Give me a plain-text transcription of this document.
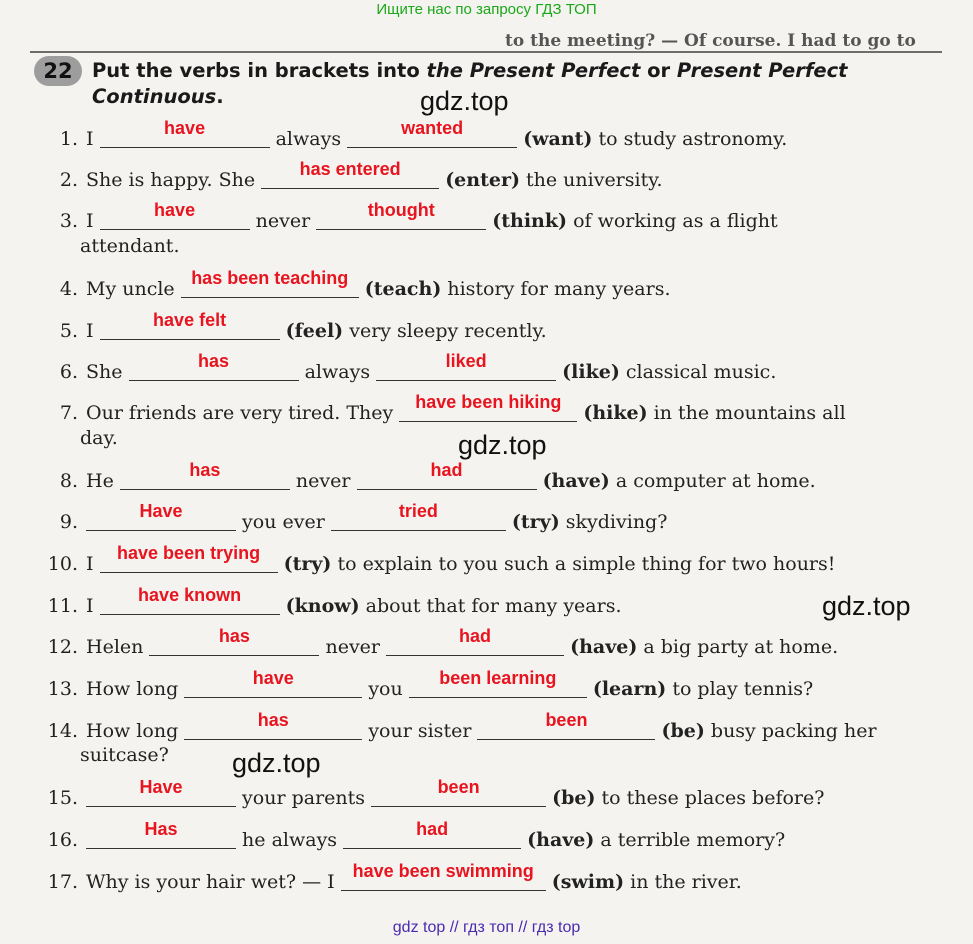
Ищите нас по запросу ГДЗ ТОП
to the meeting? — Of course. I had to go to
22 Put the verbs in brackets into the Present Perfect or Present Perfect Continuous.
1. I	have	always	wanted	(want) to study astronomy.
2. She is happy. She	has entered	(enter) the university.
3. I	have	never	thought	(think) of working as a flight
attendant.
4. My uncle has been teaching (teach) history for many years.
5. I	have felt	(feel) very sleepy recently.
6. She	has	always	liked	(like) classical music.
7. Our friends are very tired. They	have been hiking	(hike) in the mountains all
day.
8. He	has	never	had	(have) a computer at home.
9.	Have	you ever	tried	(try) skydiving?
10. I	have been trying	(try) to explain to you such a simple thing for two hours!
11. I	have known	(know) about that for many years.
12. Helen	has	never	had	(have) a big party at home.
13. How long	have	you	been learning	(learn) to play tennis?
14. How long	has	your sister	been	(be) busy packing her
suitcase?
15.	Have	your parents	been	(be) to these places before?
16.	Has	he always	had	(have) a terrible memory?
17. Why is your hair wet? — I	have been swimming (swim) in the river.
gdz.top
gdz.top
gdz.top
gdz.top
gdz top // гдз топ // гдз top
